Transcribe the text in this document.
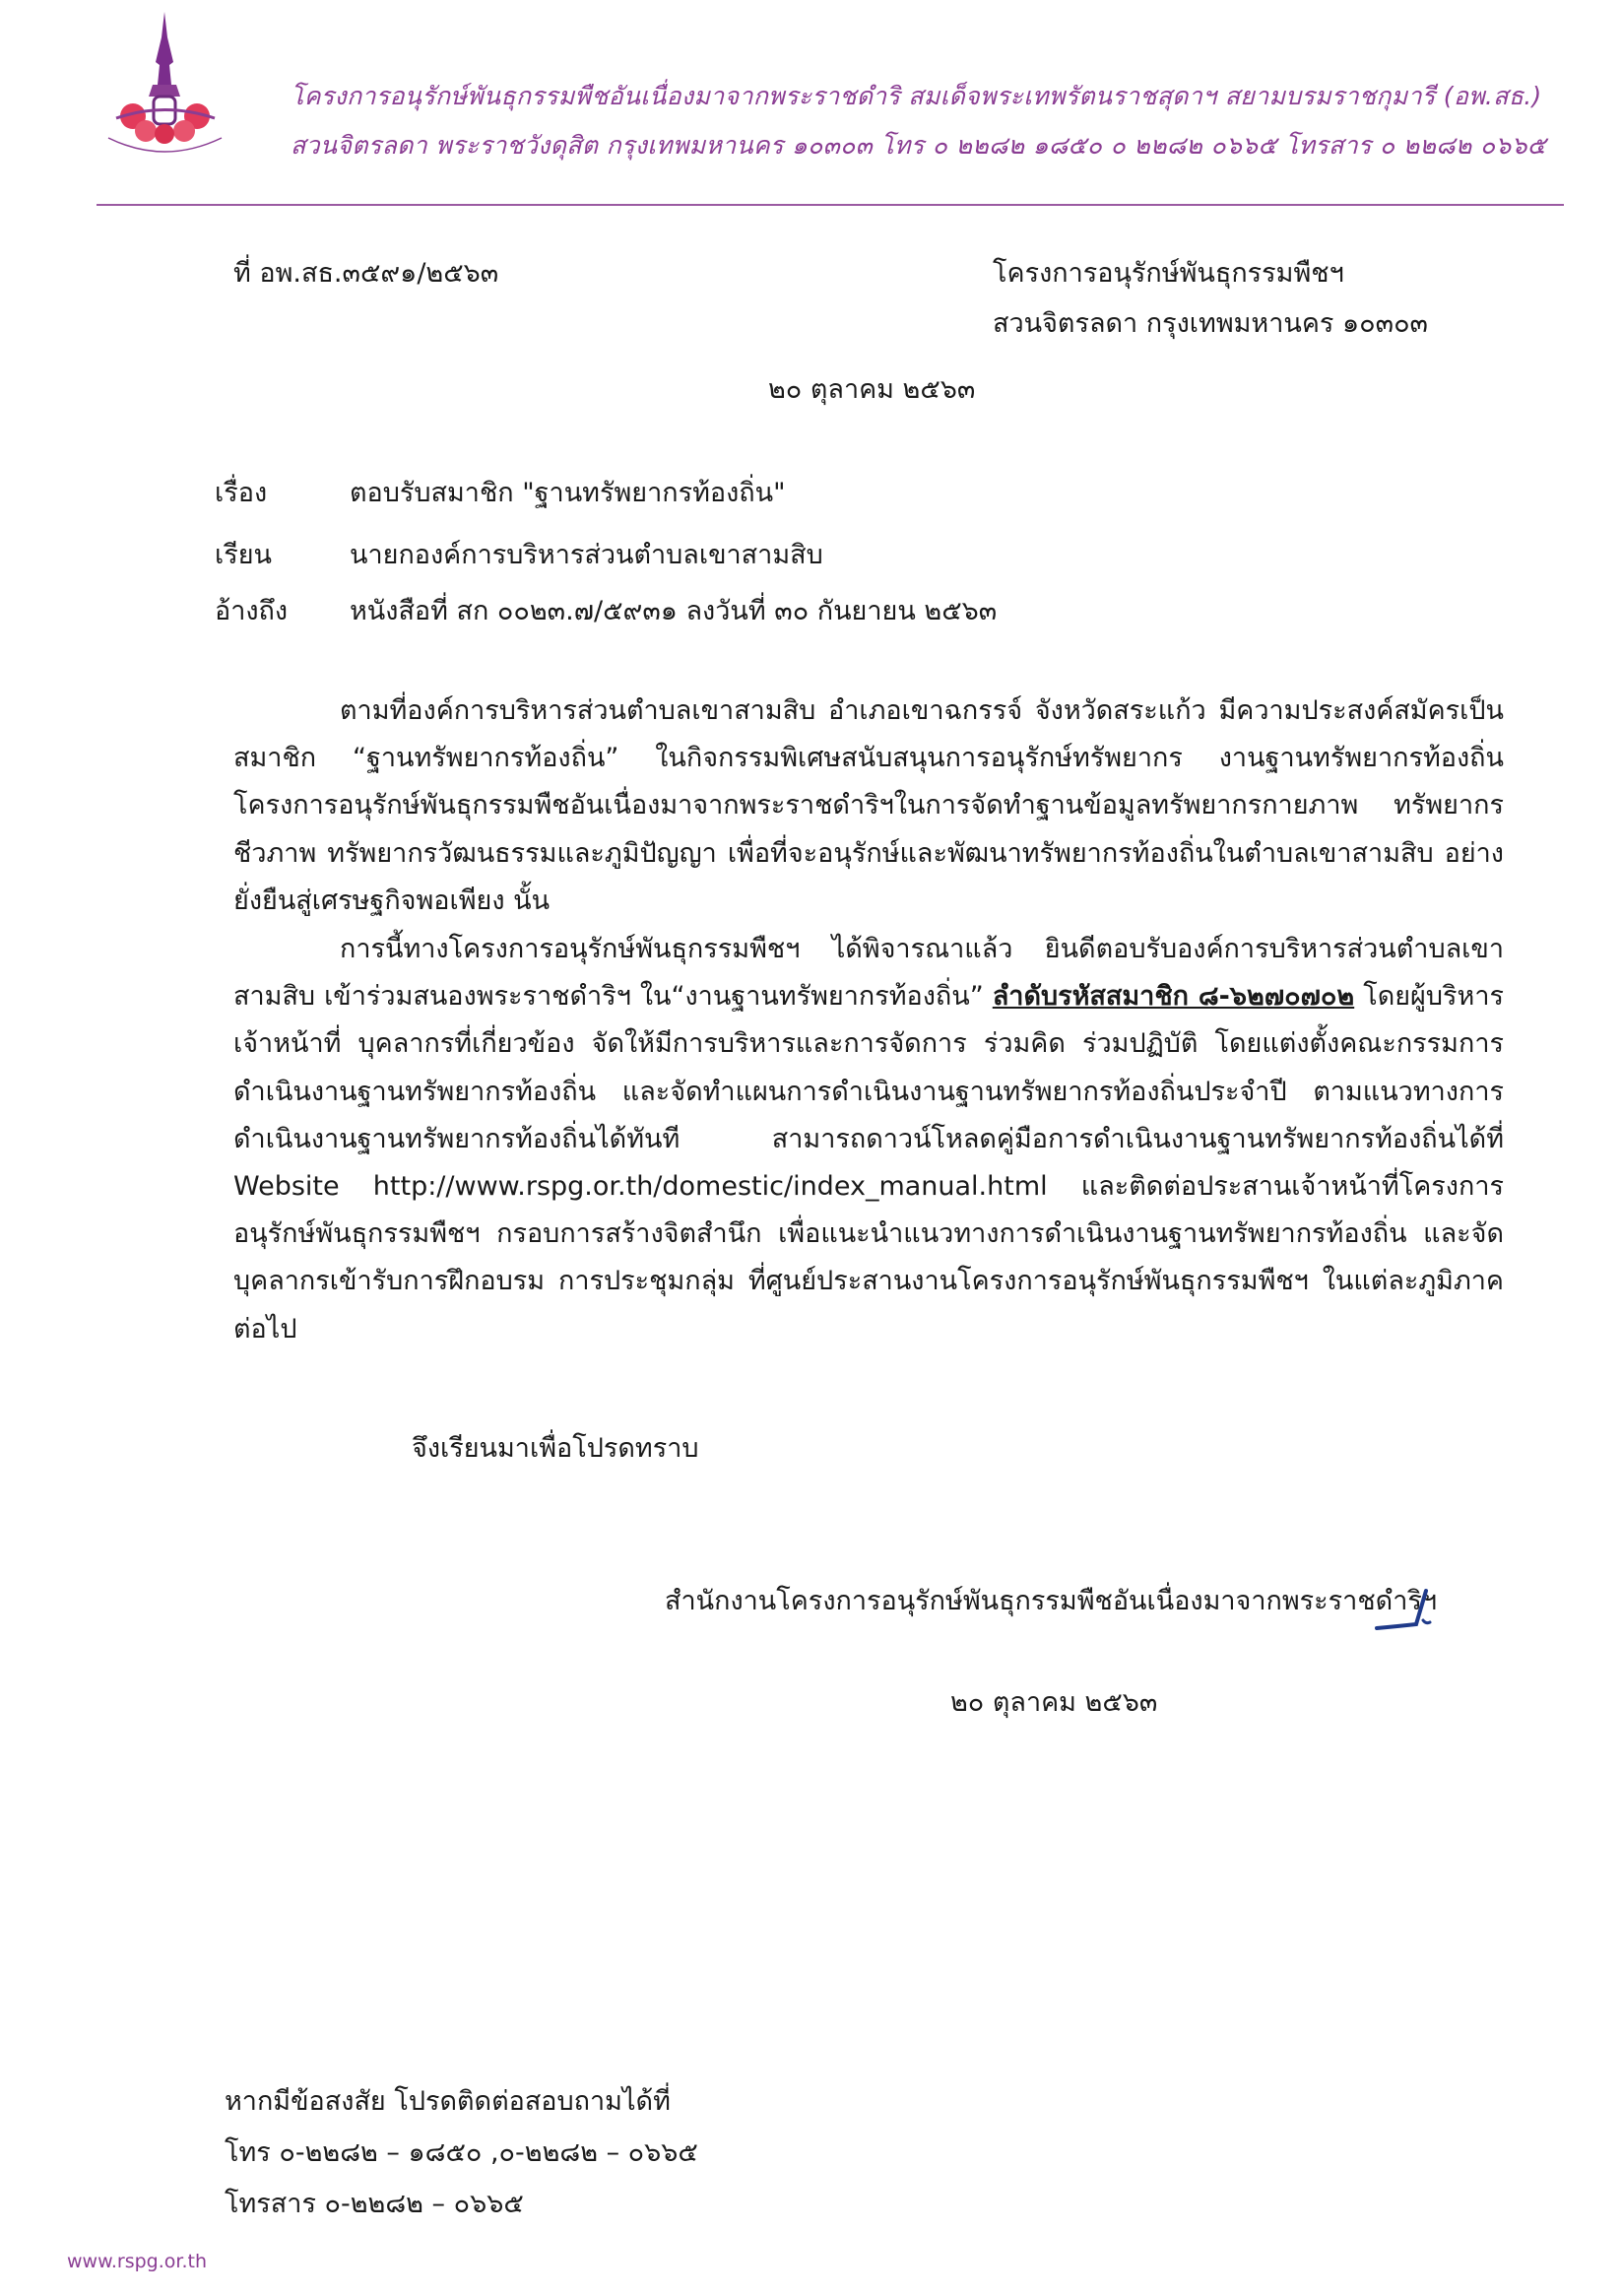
โครงการอนุรักษ์พันธุกรรมพืชอันเนื่องมาจากพระราชดำริ สมเด็จพระเทพรัตนราชสุดาฯ สยามบรมราชกุมารี (อพ.สธ.)
สวนจิตรลดา พระราชวังดุสิต กรุงเทพมหานคร ๑๐๓๐๓ โทร ๐ ๒๒๘๒ ๑๘๕๐ ๐ ๒๒๘๒ ๐๖๖๕ โทรสาร ๐ ๒๒๘๒ ๐๖๖๕
ที่ อพ.สธ.๓๕๙๑/๒๕๖๓	โครงการอนุรักษ์พันธุกรรมพืชฯ
สวนจิตรลดา กรุงเทพมหานคร ๑๐๓๐๓
๒๐ ตุลาคม ๒๕๖๓
เรื่อง	ตอบรับสมาชิก "ฐานทรัพยากรท้องถิ่น"
เรียน	นายกองค์การบริหารส่วนตำบลเขาสามสิบ
อ้างถึง หนังสือที่ สก ๐๐๒๓.๗/๕๙๓๑ ลงวันที่ ๓๐ กันยายน ๒๕๖๓
ตามที่องค์การบริหารส่วนตำบลเขาสามสิบ อำเภอเขาฉกรรจ์ จังหวัดสระแก้ว มีความประสงค์สมัครเป็นสมาชิก “ฐานทรัพยากรท้องถิ่น” ในกิจกรรมพิเศษสนับสนุนการอนุรักษ์ทรัพยากร งานฐานทรัพยากรท้องถิ่น โครงการอนุรักษ์พันธุกรรมพืชอันเนื่องมาจากพระราชดำริฯในการจัดทำฐานข้อมูลทรัพยากรกายภาพ ทรัพยากรชีวภาพ ทรัพยากรวัฒนธรรมและภูมิปัญญา เพื่อที่จะอนุรักษ์และพัฒนาทรัพยากรท้องถิ่นในตำบลเขาสามสิบ อย่างยั่งยืนสู่เศรษฐกิจพอเพียง นั้น
การนี้ทางโครงการอนุรักษ์พันธุกรรมพืชฯ ได้พิจารณาแล้ว ยินดีตอบรับองค์การบริหารส่วนตำบลเขาสามสิบ เข้าร่วมสนองพระราชดำริฯ ใน“งานฐานทรัพยากรท้องถิ่น” ลำดับรหัสสมาชิก ๘-๖๒๗๐๗๐๒ โดยผู้บริหาร เจ้าหน้าที่ บุคลากรที่เกี่ยวข้อง จัดให้มีการบริหารและการจัดการ ร่วมคิด ร่วมปฏิบัติ โดยแต่งตั้งคณะกรรมการดำเนินงานฐานทรัพยากรท้องถิ่น และจัดทำแผนการดำเนินงานฐานทรัพยากรท้องถิ่นประจำปี ตามแนวทางการดำเนินงานฐานทรัพยากรท้องถิ่นได้ทันที สามารถดาวน์โหลดคู่มือการดำเนินงานฐานทรัพยากรท้องถิ่นได้ที่ Website http://www.rspg.or.th/domestic/index_manual.html และติดต่อประสานเจ้าหน้าที่โครงการอนุรักษ์พันธุกรรมพืชฯ กรอบการสร้างจิตสำนึก เพื่อแนะนำแนวทางการดำเนินงานฐานทรัพยากรท้องถิ่น และจัดบุคลากรเข้ารับการฝึกอบรม การประชุมกลุ่ม ที่ศูนย์ประสานงานโครงการอนุรักษ์พันธุกรรมพืชฯ ในแต่ละภูมิภาคต่อไป
จึงเรียนมาเพื่อโปรดทราบ
สำนักงานโครงการอนุรักษ์พันธุกรรมพืชอันเนื่องมาจากพระราชดำริฯ
๒๐ ตุลาคม ๒๕๖๓
หากมีข้อสงสัย โปรดติดต่อสอบถามได้ที่
โทร ๐-๒๒๘๒ – ๑๘๕๐ ,๐-๒๒๘๒ – ๐๖๖๕
โทรสาร ๐-๒๒๘๒ – ๐๖๖๕
www.rspg.or.th
